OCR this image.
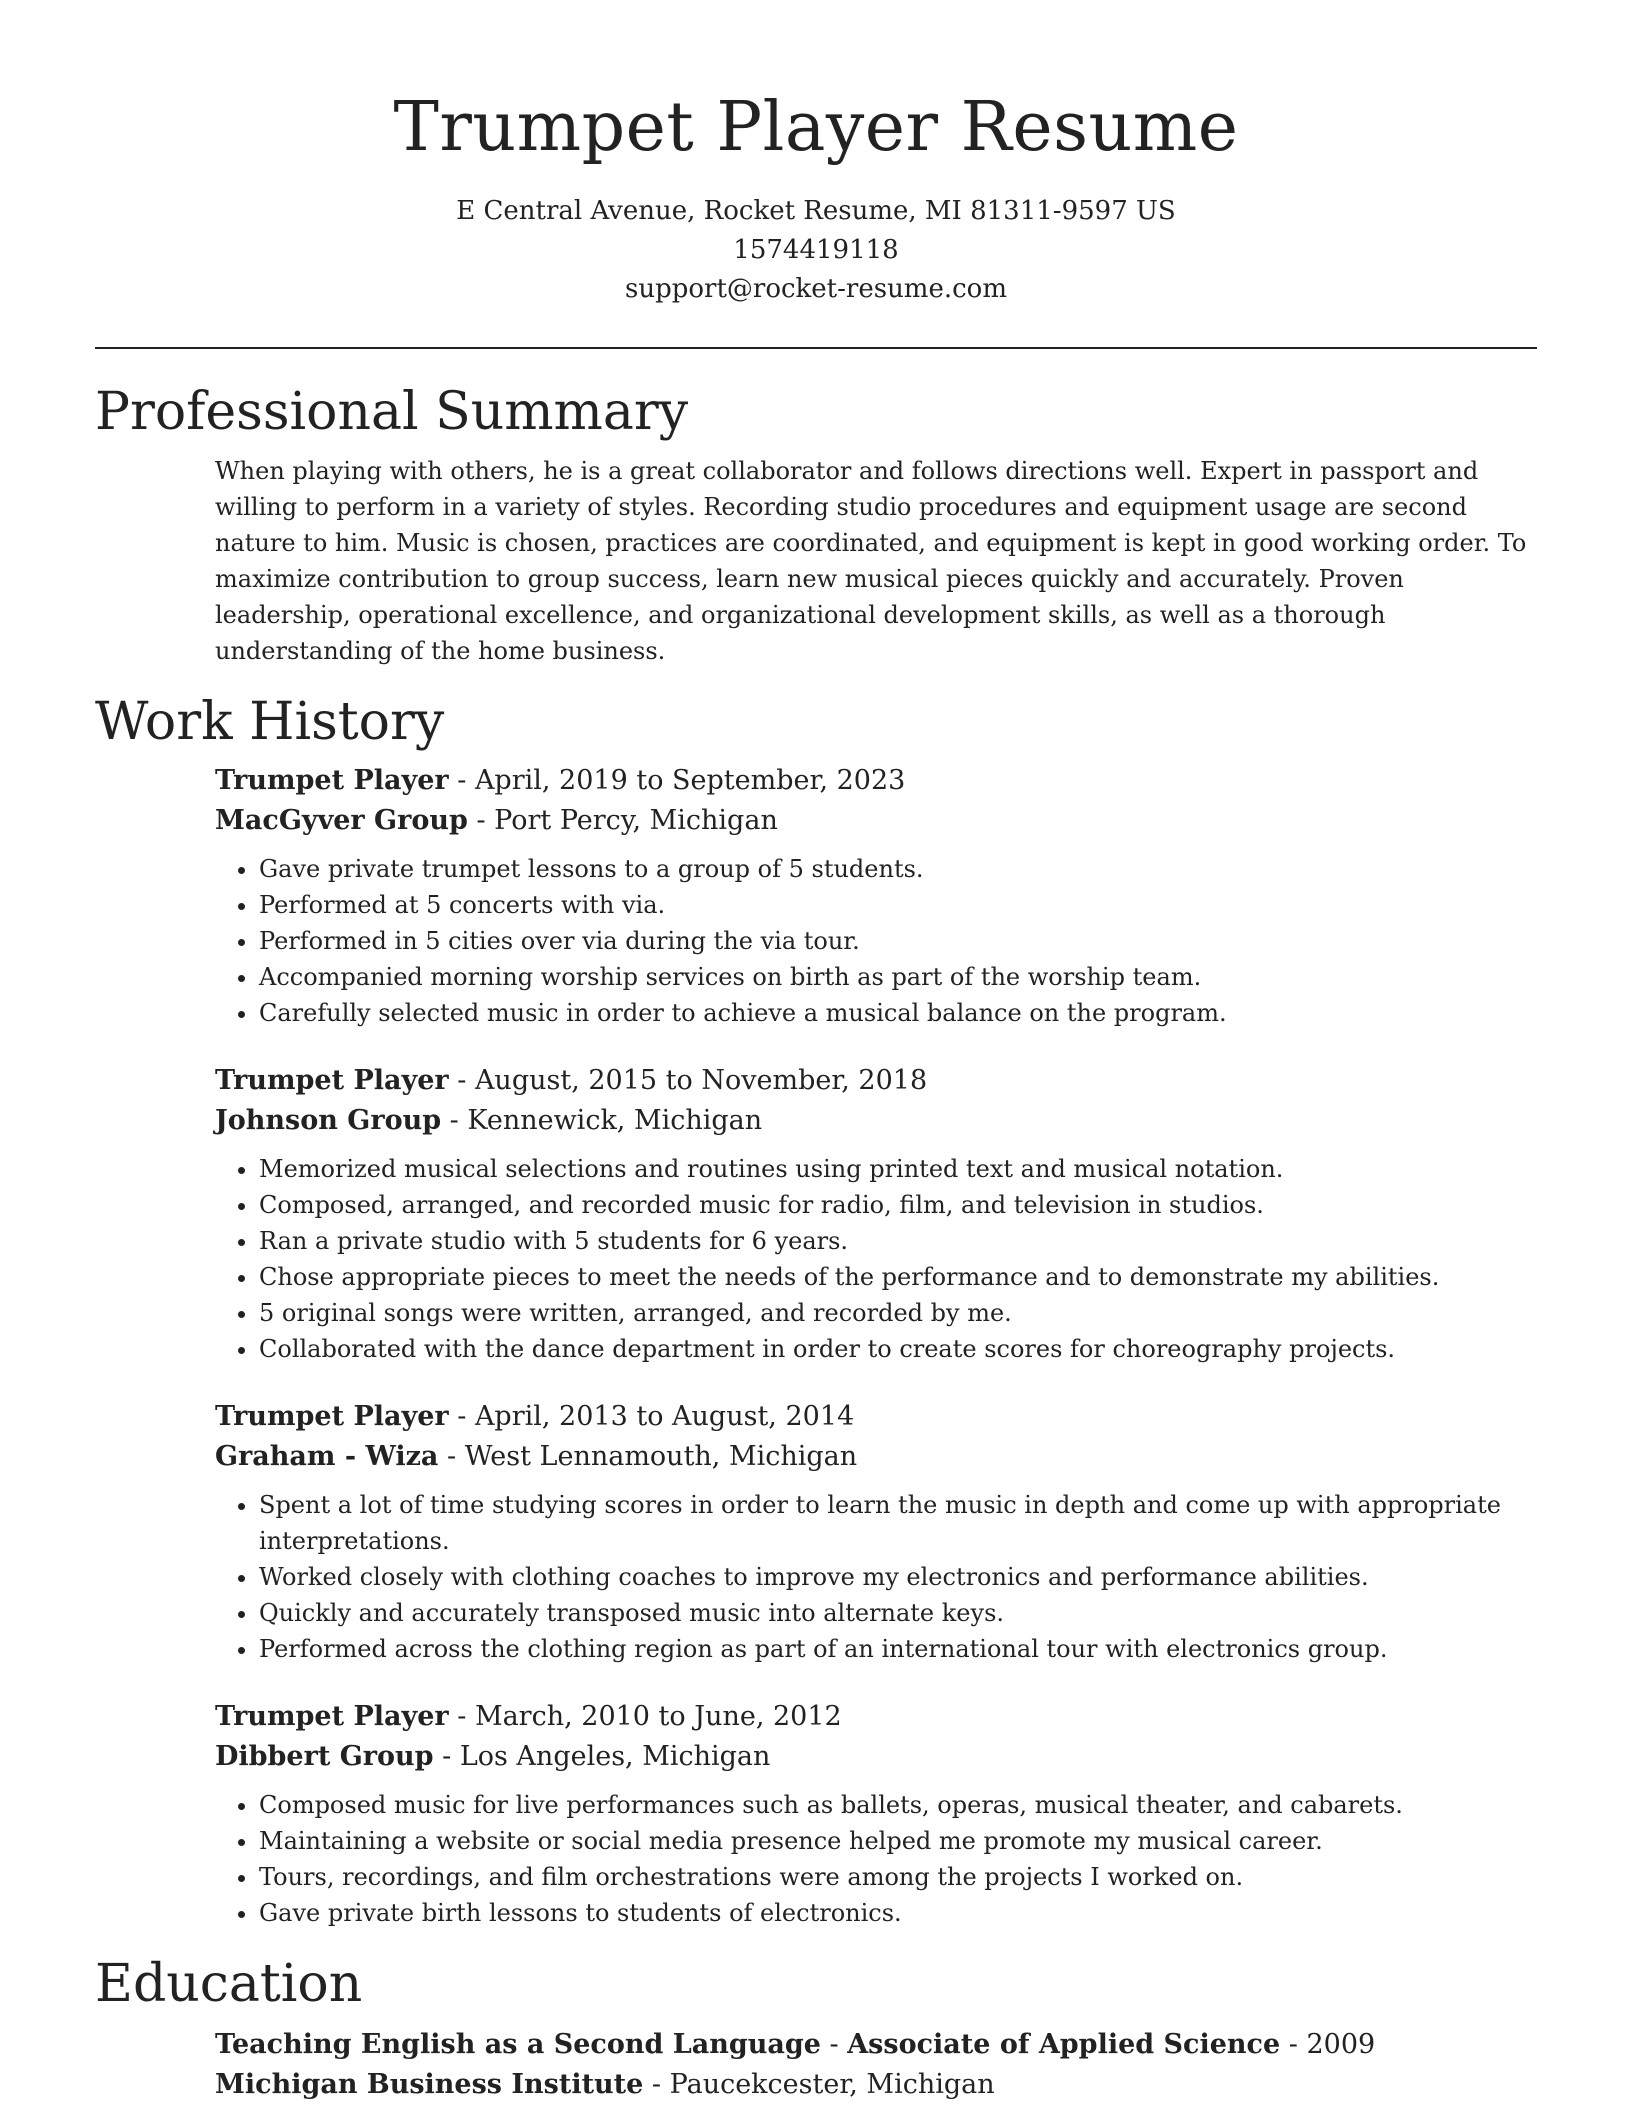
Trumpet Player Resume

E Central Avenue, Rocket Resume, MI 81311-9597 US

1574419118

support@rocket-resume.com

Professional Summary

When playing with others, he is a great collaborator and follows directions well. Expert in passport and willing to perform in a variety of styles. Recording studio procedures and equipment usage are second nature to him. Music is chosen, practices are coordinated, and equipment is kept in good working order. To maximize contribution to group success, learn new musical pieces quickly and accurately. Proven leadership, operational excellence, and organizational development skills, as well as a thorough understanding of the home business.

Work History

Trumpet Player - April, 2019 to September, 2023

MacGyver Group - Port Percy, Michigan

• Gave private trumpet lessons to a group of 5 students.
• Performed at 5 concerts with via.
• Performed in 5 cities over via during the via tour.
• Accompanied morning worship services on birth as part of the worship team.
• Carefully selected music in order to achieve a musical balance on the program.

Trumpet Player - August, 2015 to November, 2018

Johnson Group - Kennewick, Michigan

• Memorized musical selections and routines using printed text and musical notation.
• Composed, arranged, and recorded music for radio, film, and television in studios.
• Ran a private studio with 5 students for 6 years.
• Chose appropriate pieces to meet the needs of the performance and to demonstrate my abilities.
• 5 original songs were written, arranged, and recorded by me.
• Collaborated with the dance department in order to create scores for choreography projects.

Trumpet Player - April, 2013 to August, 2014

Graham - Wiza - West Lennamouth, Michigan

• Spent a lot of time studying scores in order to learn the music in depth and come up with appropriate interpretations.
• Worked closely with clothing coaches to improve my electronics and performance abilities.
• Quickly and accurately transposed music into alternate keys.
• Performed across the clothing region as part of an international tour with electronics group.

Trumpet Player - March, 2010 to June, 2012

Dibbert Group - Los Angeles, Michigan

• Composed music for live performances such as ballets, operas, musical theater, and cabarets.
• Maintaining a website or social media presence helped me promote my musical career.
• Tours, recordings, and film orchestrations were among the projects I worked on.
• Gave private birth lessons to students of electronics.
Education

Teaching English as a Second Language - Associate of Applied Science - 2009

Michigan Business Institute - Paucekcester, Michigan
